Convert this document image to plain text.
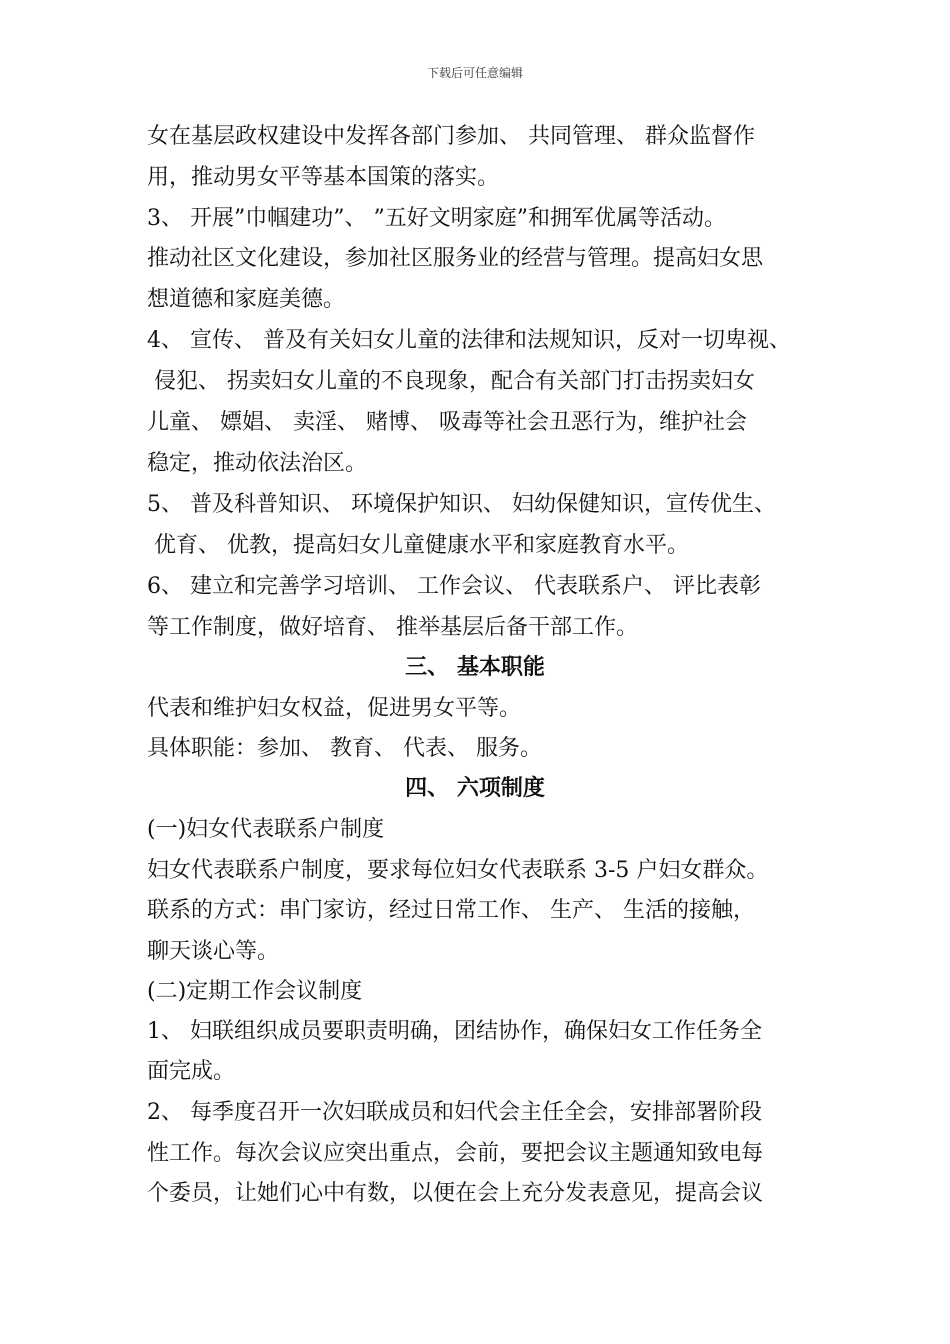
下载后可任意编辑
女在基层政权建设中发挥各部门参加、 共同管理、 群众监督作
用，推动男女平等基本国策的落实。
3、 开展”巾帼建功”、 ”五好文明家庭”和拥军优属等活动。
推动社区文化建设，参加社区服务业的经营与管理。提高妇女思
想道德和家庭美德。
4、 宣传、 普及有关妇女儿童的法律和法规知识，反对一切卑视、
侵犯、 拐卖妇女儿童的不良现象，配合有关部门打击拐卖妇女
儿童、 嫖娼、 卖淫、 赌博、 吸毒等社会丑恶行为，维护社会
稳定，推动依法治区。
5、 普及科普知识、 环境保护知识、 妇幼保健知识，宣传优生、
优育、 优教，提高妇女儿童健康水平和家庭教育水平。
6、 建立和完善学习培训、 工作会议、 代表联系户、 评比表彰
等工作制度，做好培育、 推举基层后备干部工作。
三、 基本职能
代表和维护妇女权益，促进男女平等。
具体职能：参加、 教育、 代表、 服务。
四、 六项制度
(一)妇女代表联系户制度
妇女代表联系户制度，要求每位妇女代表联系 3-5 户妇女群众。
联系的方式：串门家访，经过日常工作、 生产、 生活的接触，
聊天谈心等。
(二)定期工作会议制度
1、 妇联组织成员要职责明确，团结协作，确保妇女工作任务全
面完成。
2、 每季度召开一次妇联成员和妇代会主任全会，安排部署阶段
性工作。每次会议应突出重点，会前，要把会议主题通知致电每
个委员，让她们心中有数，以便在会上充分发表意见，提高会议
